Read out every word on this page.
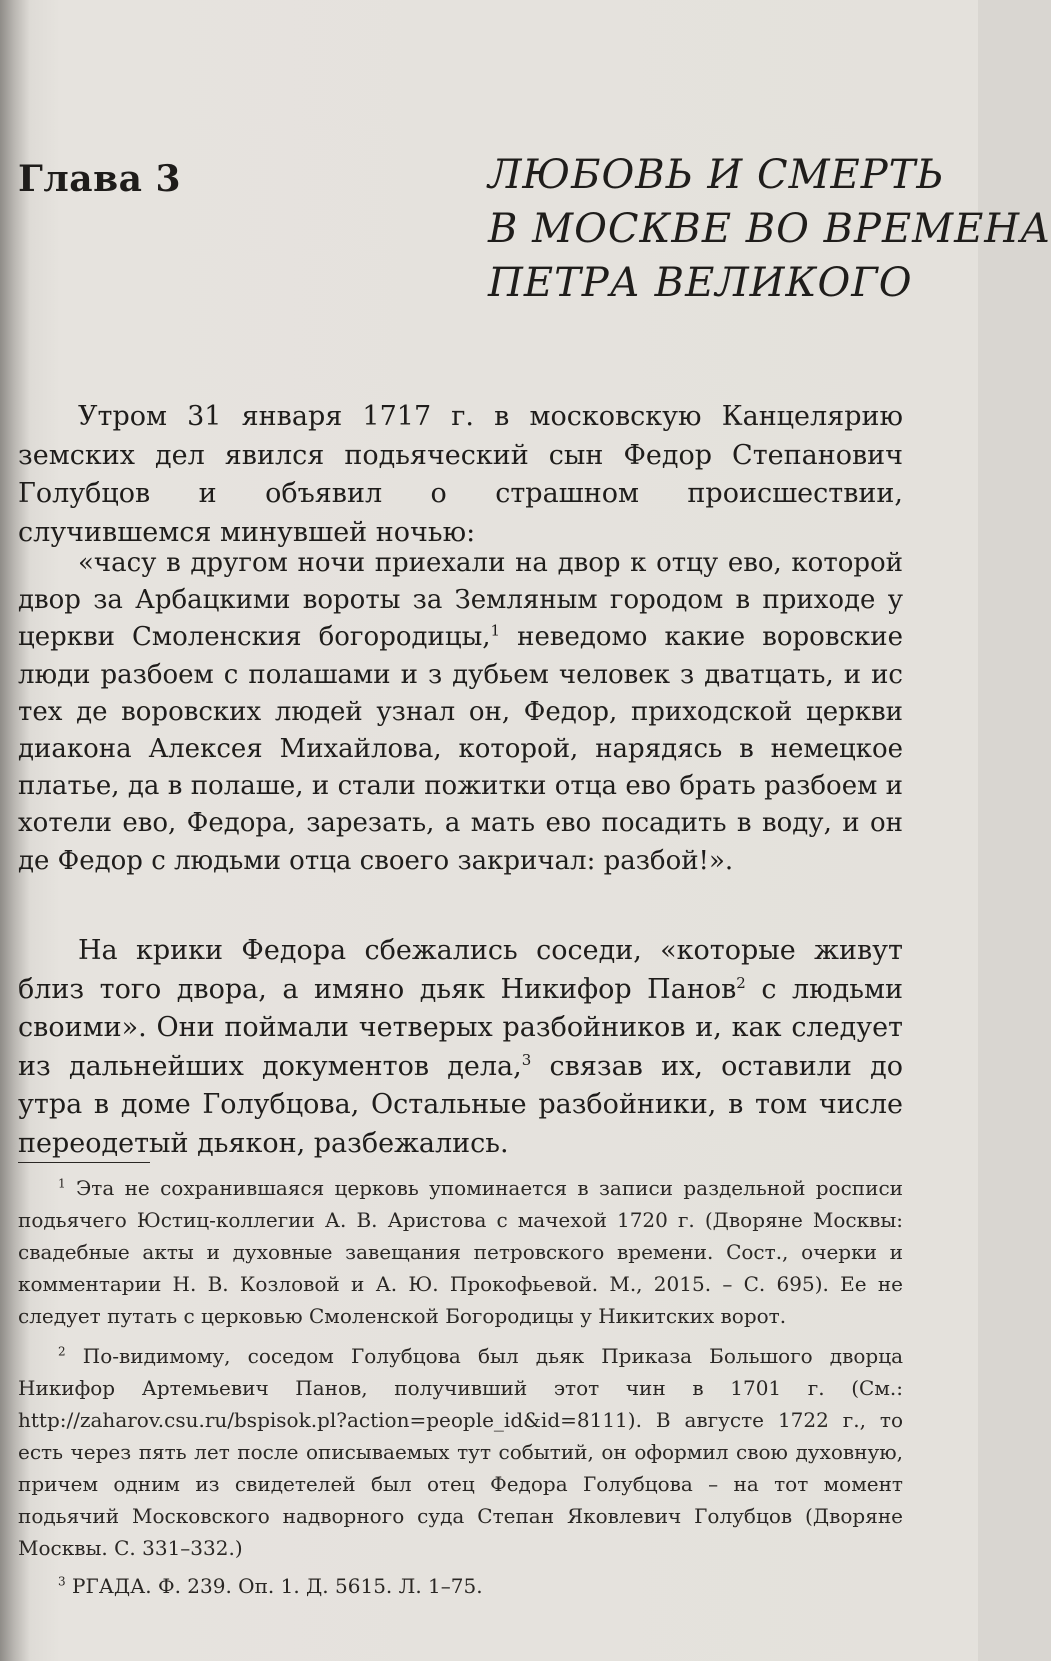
Глава 3	ЛЮБОВЬ И СМЕРТЬ
В МОСКВЕ ВО ВРЕМЕНА
ПЕТРА ВЕЛИКОГО

Утром 31 января 1717 г. в московскую Канцелярию земских дел явился подьяческий сын Федор Степанович Голубцов и объявил о страшном происшествии, случившемся минувшей ночью:

«часу в другом ночи приехали на двор к отцу ево, которой двор за Арбацкими вороты за Земляным городом в приходе у церкви Смоленския богородицы,$^1$ неведомо какие воровские люди разбоем с полашами и з дубьем человек з дватцать, и ис тех де воровских людей узнал он, Федор, приходской церкви диакона Алексея Михайлова, которой, нарядясь в немецкое платье, да в полаше, и стали пожитки отца ево брать разбоем и хотели ево, Федора, зарезать, а мать ево посадить в воду, и он де Федор с людьми отца своего закричал: разбой!».

На крики Федора сбежались соседи, «которые живут близ того двора, а имяно дьяк Никифор Панов$^2$ с людьми своими». Они поймали четверых разбойников и, как следует из дальнейших документов дела,$^3$ связав их, оставили до утра в доме Голубцова, Остальные разбойники, в том числе переодетый дьякон, разбежались.

$^1$ Эта не сохранившаяся церковь упоминается в записи раздельной росписи подьячего Юстиц-коллегии А. В. Аристова с мачехой 1720 г. (Дворяне Москвы: свадебные акты и духовные завещания петровского времени. Сост., очерки и комментарии Н. В. Козловой и А. Ю. Прокофьевой. М., 2015. – С. 695). Ее не следует путать с церковью Смоленской Богородицы у Никитских ворот.

$^2$ По-видимому, соседом Голубцова был дьяк Приказа Большого дворца Никифор Артемьевич Панов, получивший этот чин в 1701 г. (См.: http://zaharov.csu.ru/bspisok.pl?action=people_id&id=8111). В августе 1722 г., то есть через пять лет после описываемых тут событий, он оформил свою духовную, причем одним из свидетелей был отец Федора Голубцова – на тот момент подьячий Московского надворного суда Степан Яковлевич Голубцов (Дворяне Москвы. С. 331–332.)

$^3$ РГАДА. Ф. 239. Оп. 1. Д. 5615. Л. 1–75.
